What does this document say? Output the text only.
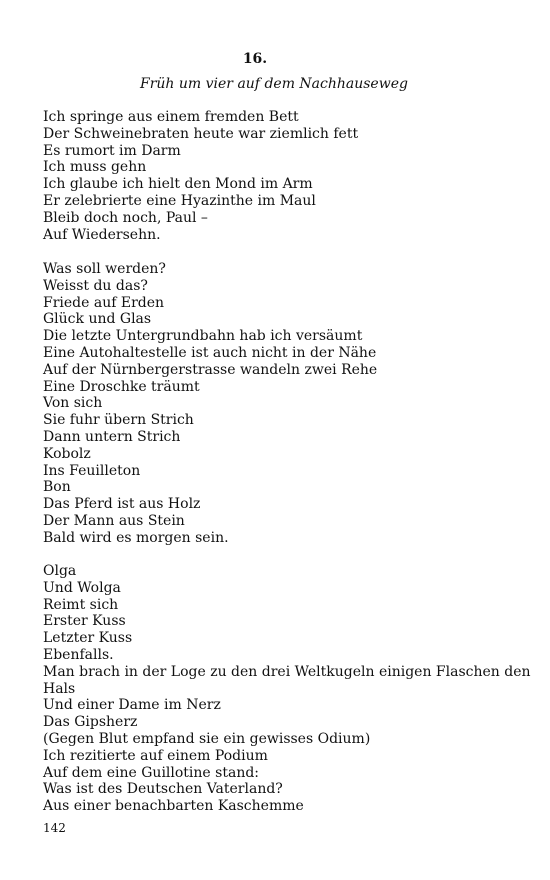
16.
Früh um vier auf dem Nachhauseweg
Ich springe aus einem fremden Bett
Der Schweinebraten heute war ziemlich fett
Es rumort im Darm
Ich muss gehn
Ich glaube ich hielt den Mond im Arm
Er zelebrierte eine Hyazinthe im Maul
Bleib doch noch, Paul –
Auf Wiedersehn.
Was soll werden?
Weisst du das?
Friede auf Erden
Glück und Glas
Die letzte Untergrundbahn hab ich versäumt
Eine Autohaltestelle ist auch nicht in der Nähe
Auf der Nürnbergerstrasse wandeln zwei Rehe
Eine Droschke träumt
Von sich
Sie fuhr übern Strich
Dann untern Strich
Kobolz
Ins Feuilleton
Bon
Das Pferd ist aus Holz
Der Mann aus Stein
Bald wird es morgen sein.
Olga
Und Wolga
Reimt sich
Erster Kuss
Letzter Kuss
Ebenfalls.
Man brach in der Loge zu den drei Weltkugeln einigen Flaschen den
Hals
Und einer Dame im Nerz
Das Gipsherz
(Gegen Blut empfand sie ein gewisses Odium)
Ich rezitierte auf einem Podium
Auf dem eine Guillotine stand:
Was ist des Deutschen Vaterland?
Aus einer benachbarten Kaschemme
142
